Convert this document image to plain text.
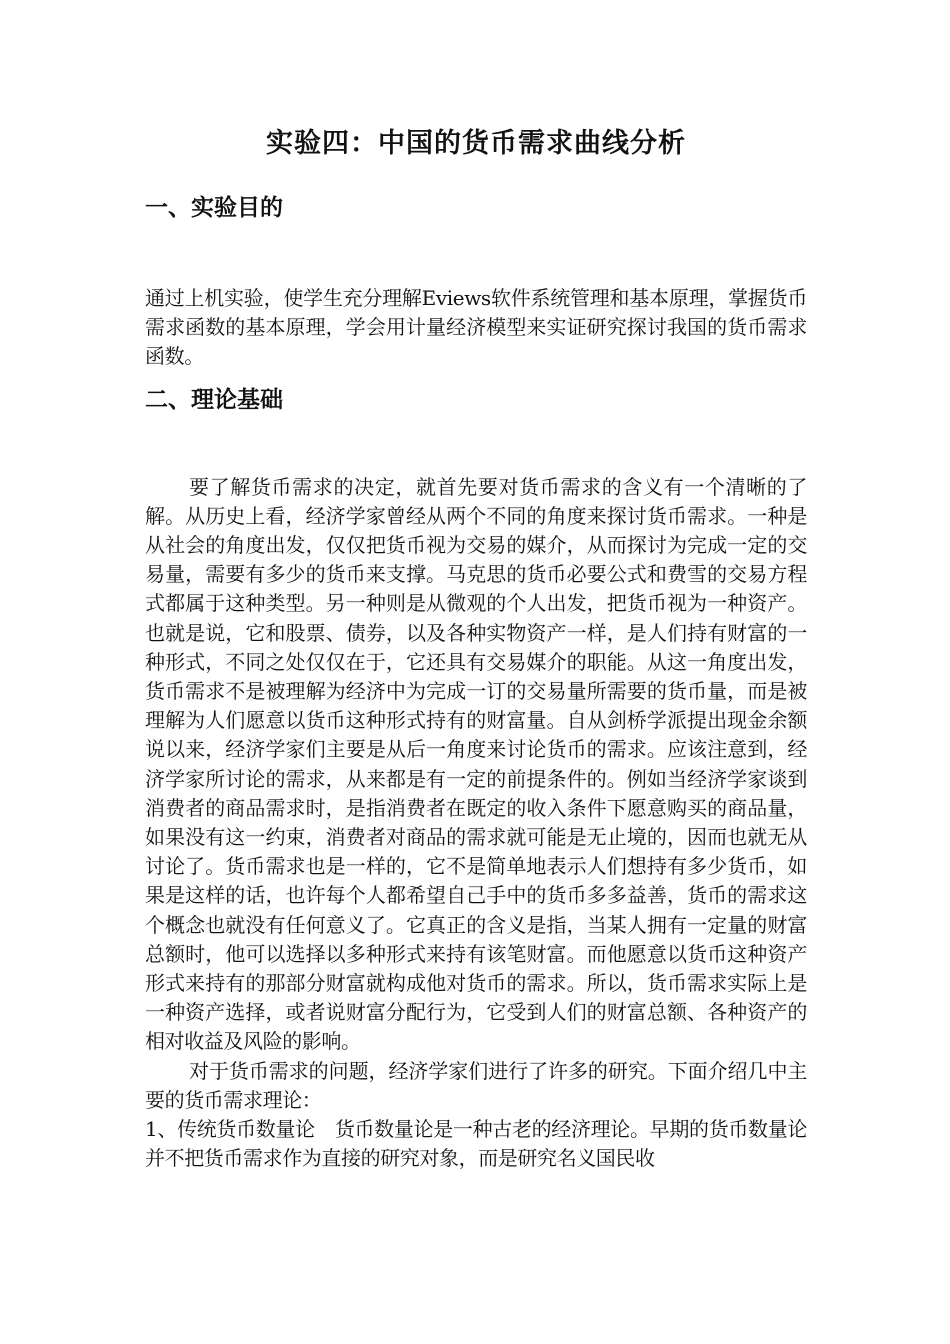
实验四：中国的货币需求曲线分析
一、实验目的

通过上机实验，使学生充分理解Eviews软件系统管理和基本原理，掌握货币需求函数的基本原理，学会用计量经济模型来实证研究探讨我国的货币需求函数。

二、理论基础

要了解货币需求的决定，就首先要对货币需求的含义有一个清晰的了解。从历史上看，经济学家曾经从两个不同的角度来探讨货币需求。一种是从社会的角度出发，仅仅把货币视为交易的媒介，从而探讨为完成一定的交易量，需要有多少的货币来支撑。马克思的货币必要公式和费雪的交易方程式都属于这种类型。另一种则是从微观的个人出发，把货币视为一种资产。也就是说，它和股票、债券，以及各种实物资产一样，是人们持有财富的一种形式，不同之处仅仅在于，它还具有交易媒介的职能。从这一角度出发，货币需求不是被理解为经济中为完成一订的交易量所需要的货币量，而是被理解为人们愿意以货币这种形式持有的财富量。自从剑桥学派提出现金余额说以来，经济学家们主要是从后一角度来讨论货币的需求。应该注意到，经济学家所讨论的需求，从来都是有一定的前提条件的。例如当经济学家谈到消费者的商品需求时，是指消费者在既定的收入条件下愿意购买的商品量，如果没有这一约束，消费者对商品的需求就可能是无止境的，因而也就无从讨论了。货币需求也是一样的，它不是简单地表示人们想持有多少货币，如果是这样的话，也许每个人都希望自己手中的货币多多益善，货币的需求这个概念也就没有任何意义了。它真正的含义是指，当某人拥有一定量的财富总额时，他可以选择以多种形式来持有该笔财富。而他愿意以货币这种资产形式来持有的那部分财富就构成他对货币的需求。所以，货币需求实际上是一种资产选择，或者说财富分配行为，它受到人们的财富总额、各种资产的相对收益及风险的影响。

对于货币需求的问题，经济学家们进行了许多的研究。下面介绍几中主要的货币需求理论：

1、传统货币数量论 货币数量论是一种古老的经济理论。早期的货币数量论并不把货币需求作为直接的研究对象，而是研究名义国民收
